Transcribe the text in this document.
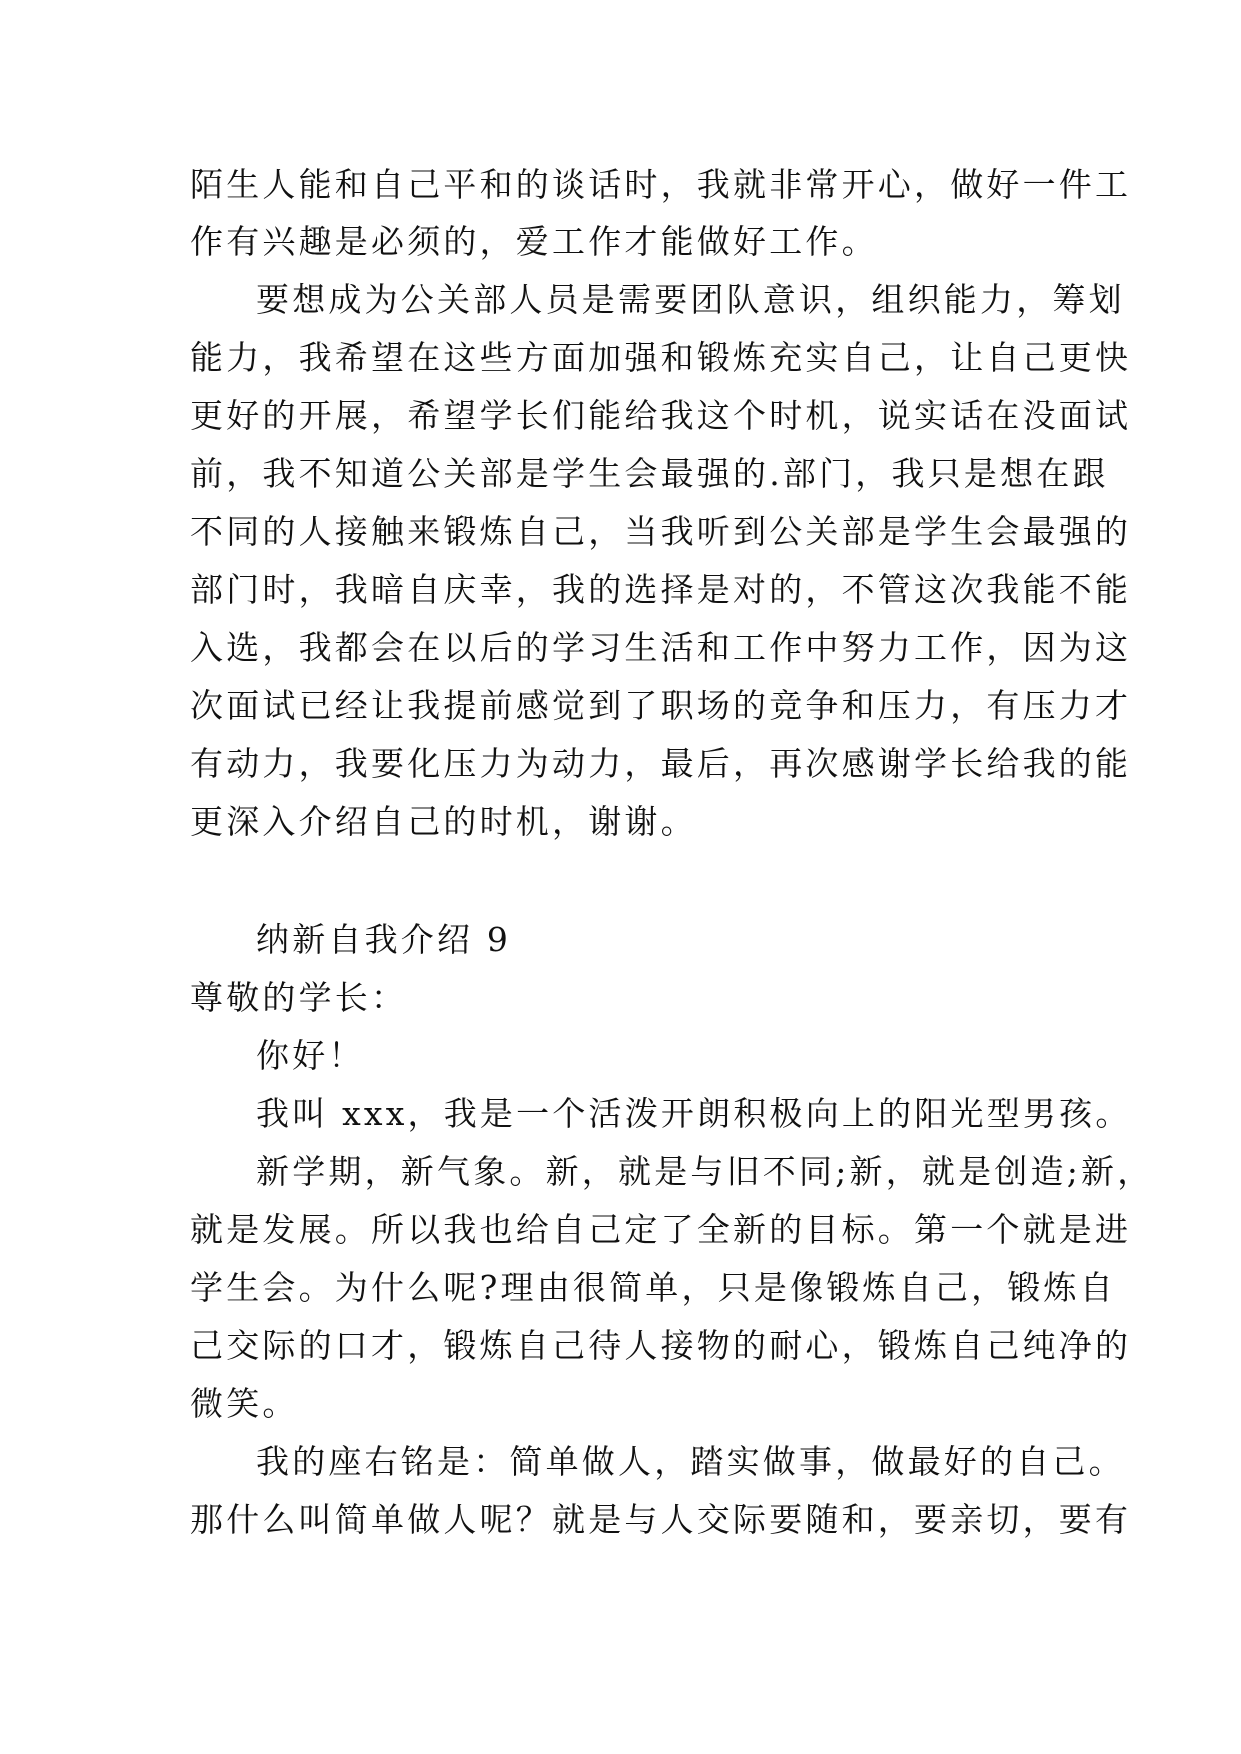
陌生人能和自己平和的谈话时，我就非常开心，做好一件工
作有兴趣是必须的，爱工作才能做好工作。
要想成为公关部人员是需要团队意识，组织能力，筹划
能力，我希望在这些方面加强和锻炼充实自己，让自己更快
更好的开展，希望学长们能给我这个时机，说实话在没面试
前，我不知道公关部是学生会最强的.部门，我只是想在跟
不同的人接触来锻炼自己，当我听到公关部是学生会最强的
部门时，我暗自庆幸，我的选择是对的，不管这次我能不能
入选，我都会在以后的学习生活和工作中努力工作，因为这
次面试已经让我提前感觉到了职场的竞争和压力，有压力才
有动力，我要化压力为动力，最后，再次感谢学长给我的能
更深入介绍自己的时机，谢谢。
纳新自我介绍 9
尊敬的学长：
你好！
我叫 xxx，我是一个活泼开朗积极向上的阳光型男孩。
新学期，新气象。新，就是与旧不同;新，就是创造;新，
就是发展。所以我也给自己定了全新的目标。第一个就是进
学生会。为什么呢?理由很简单，只是像锻炼自己，锻炼自
己交际的口才，锻炼自己待人接物的耐心，锻炼自己纯净的
微笑。
我的座右铭是：简单做人，踏实做事，做最好的自己。
那什么叫简单做人呢？就是与人交际要随和，要亲切，要有
